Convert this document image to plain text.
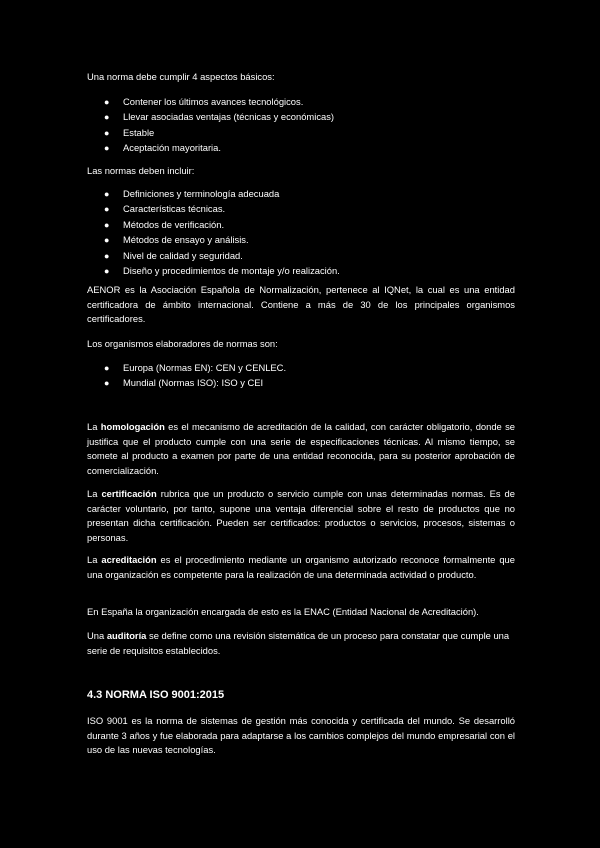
Una norma debe cumplir 4 aspectos básicos:

● Contener los últimos avances tecnológicos.
● Llevar asociadas ventajas (técnicas y económicas)
● Estable
● Aceptación mayoritaria.

Las normas deben incluir:

● Definiciones y terminología adecuada
● Características técnicas.
● Métodos de verificación.
● Métodos de ensayo y análisis.
● Nivel de calidad y seguridad.
● Diseño y procedimientos de montaje y/o realización.

AENOR es la Asociación Española de Normalización, pertenece al IQNet, la cual es una entidad certificadora de ámbito internacional. Contiene a más de 30 de los principales organismos certificadores.

Los organismos elaboradores de normas son:

● Europa (Normas EN): CEN y CENLEC.
● Mundial (Normas ISO): ISO y CEI

La homologación es el mecanismo de acreditación de la calidad, con carácter obligatorio, donde se justifica que el producto cumple con una serie de especificaciones técnicas. Al mismo tiempo, se somete al producto a examen por parte de una entidad reconocida, para su posterior aprobación de comercialización.

La certificación rubrica que un producto o servicio cumple con unas determinadas normas. Es de carácter voluntario, por tanto, supone una ventaja diferencial sobre el resto de productos que no presentan dicha certificación. Pueden ser certificados: productos o servicios, procesos, sistemas o personas.

La acreditación es el procedimiento mediante un organismo autorizado reconoce formalmente que una organización es competente para la realización de una determinada actividad o producto.

En España la organización encargada de esto es la ENAC (Entidad Nacional de Acreditación).

Una auditoría se define como una revisión sistemática de un proceso para constatar que cumple una serie de requisitos establecidos.

4.3 NORMA ISO 9001:2015

ISO 9001 es la norma de sistemas de gestión más conocida y certificada del mundo. Se desarrolló durante 3 años y fue elaborada para adaptarse a los cambios complejos del mundo empresarial con el uso de las nuevas tecnologías.
